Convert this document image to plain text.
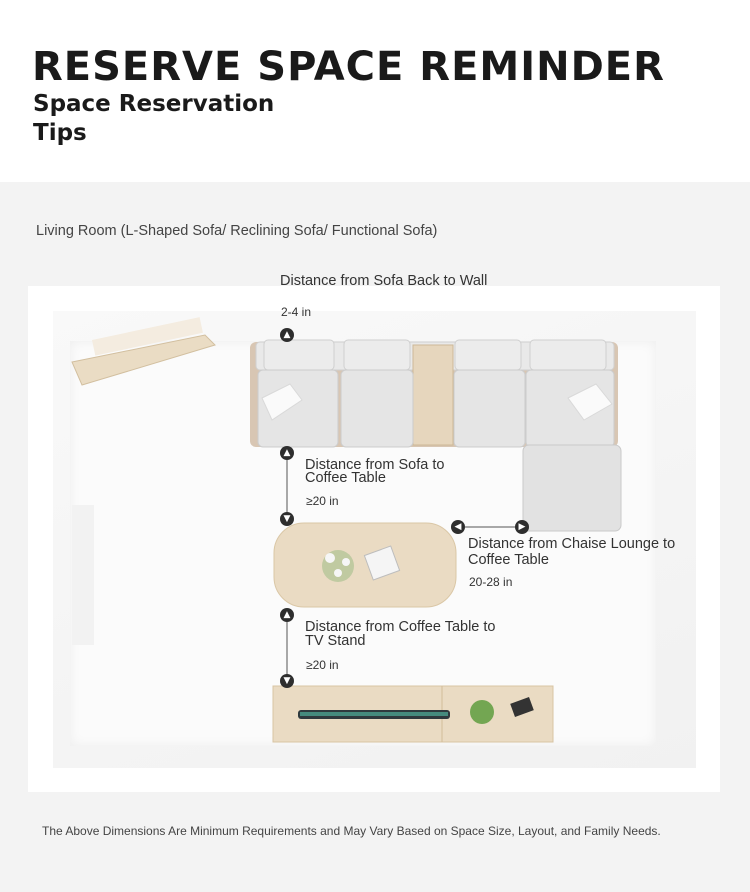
RESERVE SPACE REMINDER
Space Reservation Tips
Living Room (L-Shaped Sofa/ Reclining Sofa/ Functional Sofa)
▲
▲
▼
◀	▶
▲
▼
Distance from Sofa Back to Wall
2-4 in
Distance from Sofa to
Coffee Table
≥20 in
Distance from Chaise Lounge to
Coffee Table
20-28 in
Distance from Coffee Table to
TV Stand
≥20 in
The Above Dimensions Are Minimum Requirements and May Vary Based on Space Size, Layout, and Family Needs.
